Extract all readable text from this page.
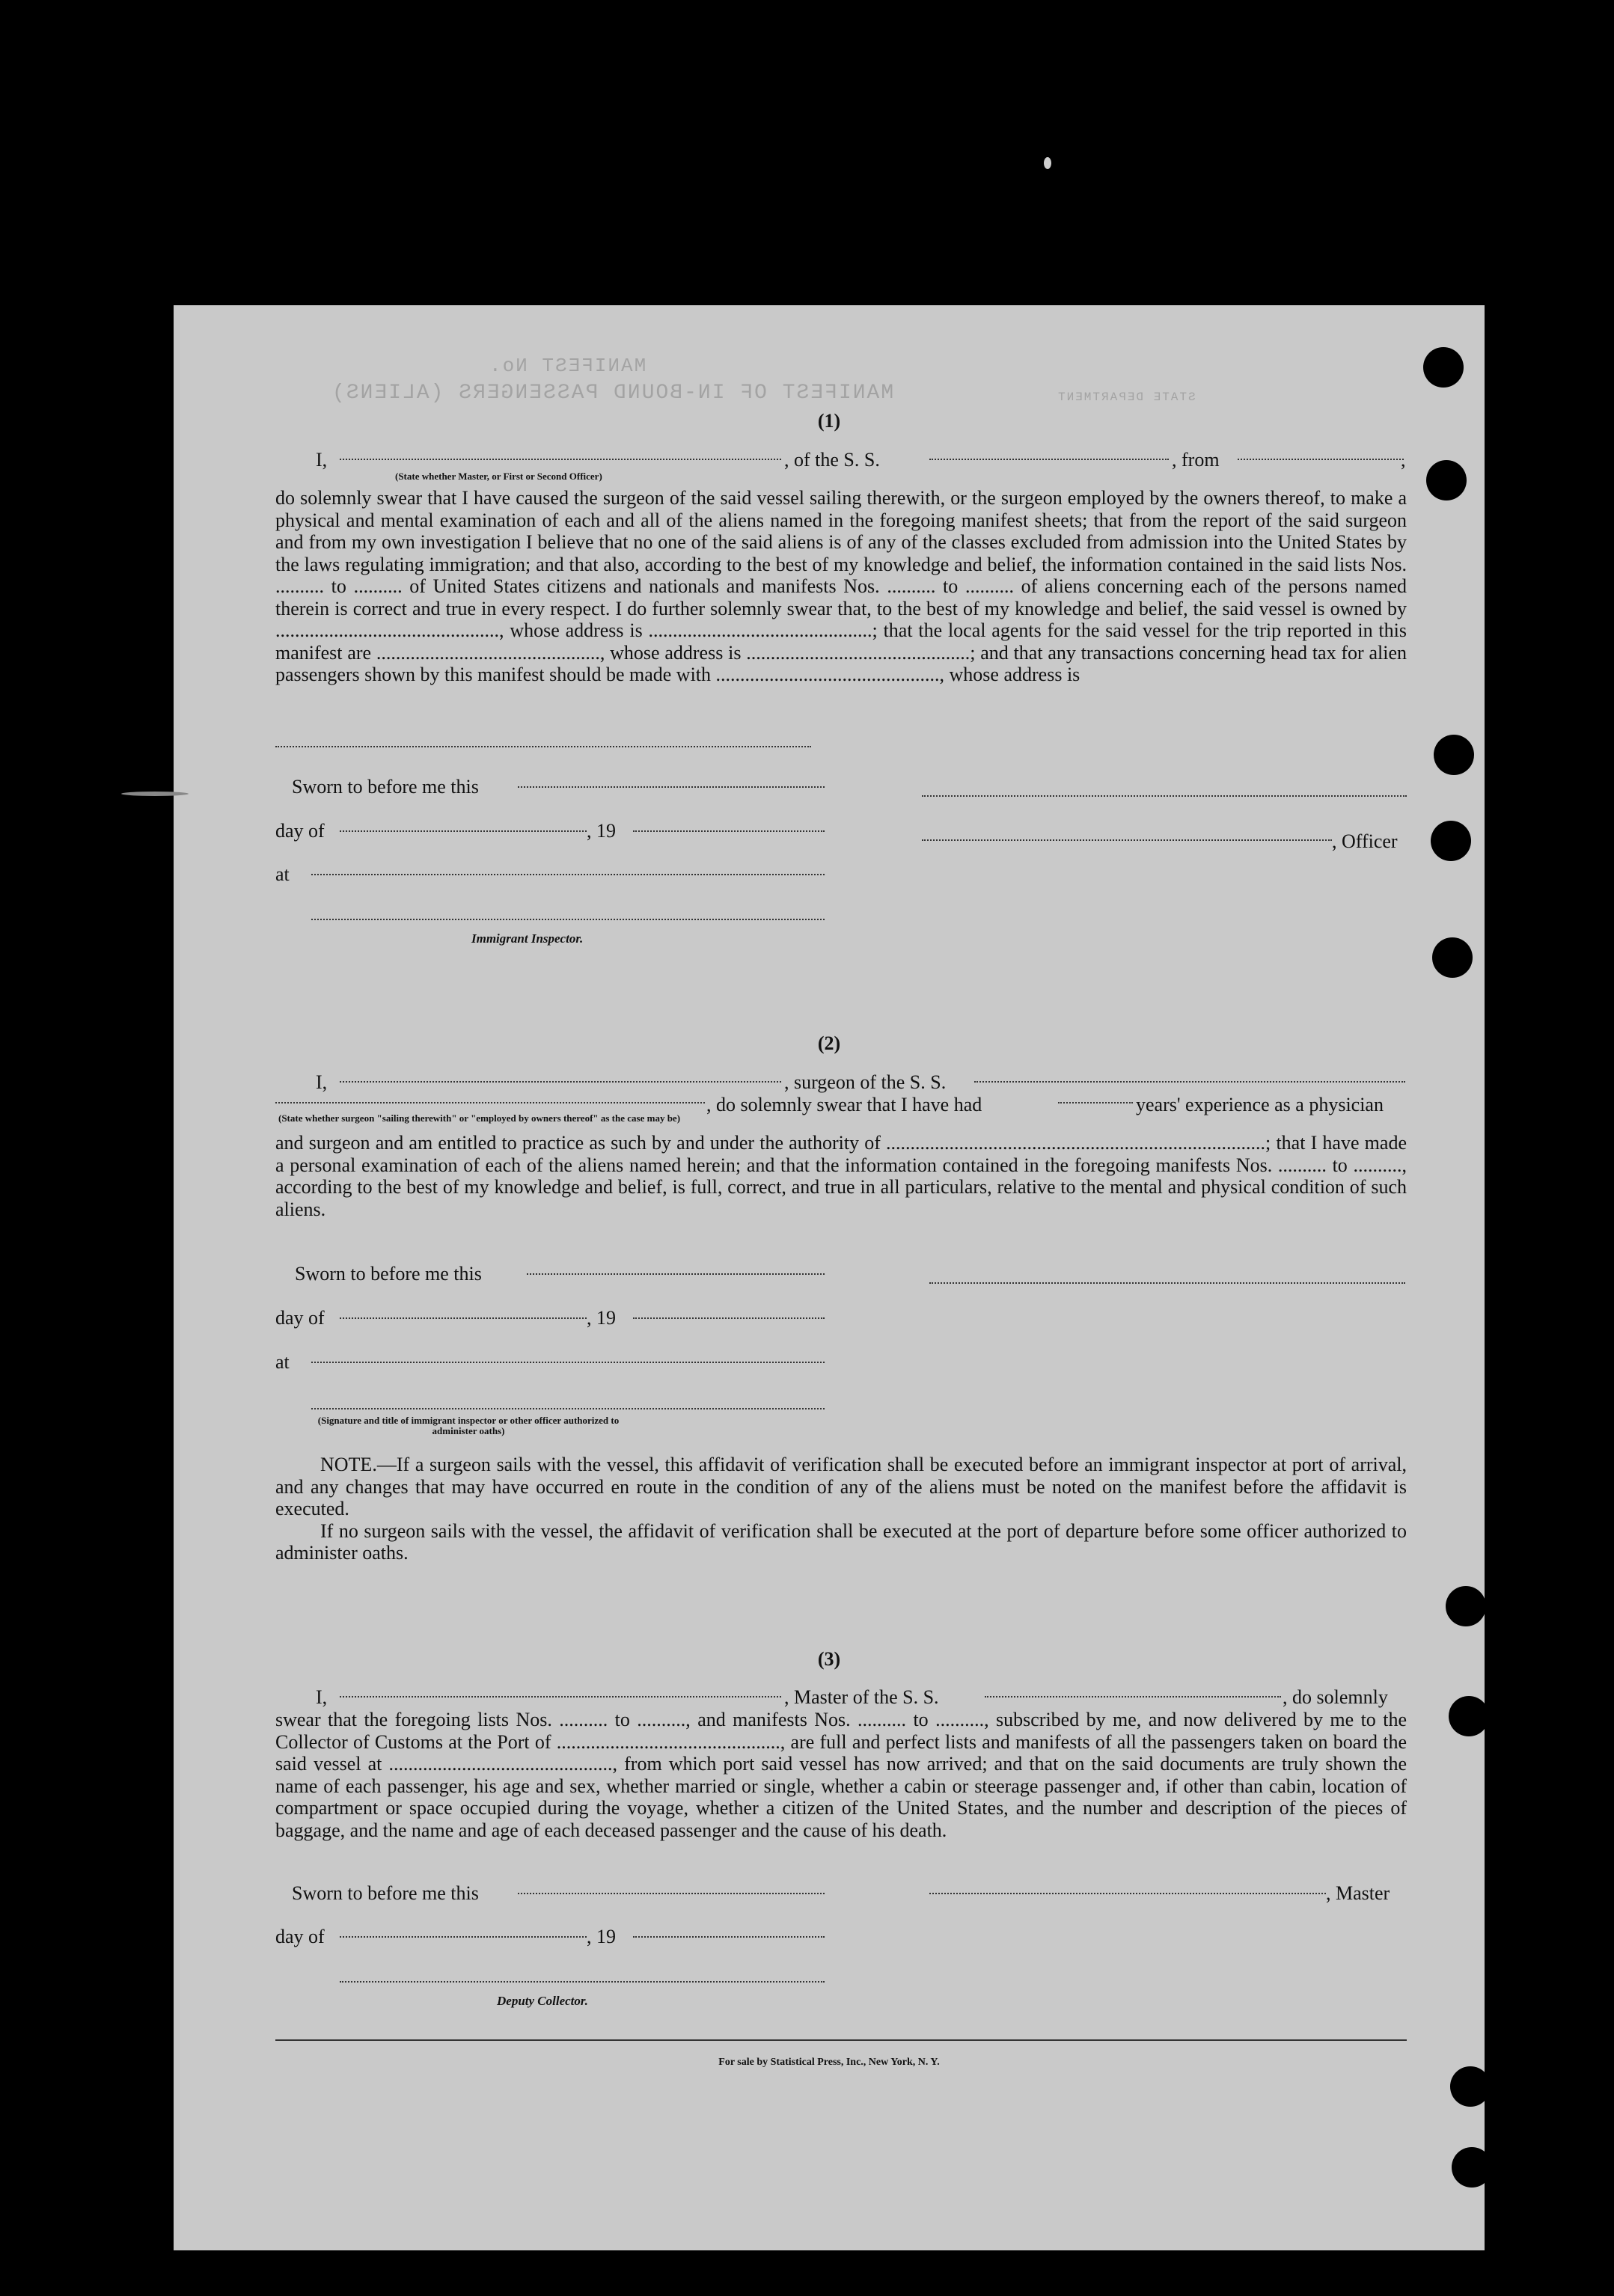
MANIFEST No.
MANIFEST OF IN-BOUND PASSENGERS (ALIENS)	STATE DEPARTMENT
(1)
I,	, of the S. S.	, from	,
(State whether Master, or First or Second Officer)
do solemnly swear that I have caused the surgeon of the said vessel sailing therewith, or the surgeon employed by the owners thereof, to make a physical and mental examination of each and all of the aliens named in the foregoing manifest sheets; that from the report of the said surgeon and from my own investigation I believe that no one of the said aliens is of any of the classes excluded from admission into the United States by the laws regulating immigration; and that also, according to the best of my knowledge and belief, the information contained in the said lists Nos. .......... to .......... of United States citizens and nationals and manifests Nos. .......... to .......... of aliens concerning each of the persons named therein is correct and true in every respect. I do further solemnly swear that, to the best of my knowledge and belief, the said vessel is owned by .............................................., whose address is ..............................................; that the local agents for the said vessel for the trip reported in this manifest are .............................................., whose address is ..............................................; and that any transactions concerning head tax for alien passengers shown by this manifest should be made with .............................................., whose address is
Sworn to before me this
day of	, 19	, Officer
at
Immigrant Inspector.
(2)
I,	, surgeon of the S. S.
, do solemnly swear that I have had	years' experience as a physician
(State whether surgeon "sailing therewith" or "employed by owners thereof" as the case may be)
and surgeon and am entitled to practice as such by and under the authority of ..............................................................................; that I have made a personal examination of each of the aliens named herein; and that the information contained in the foregoing manifests Nos. .......... to .........., according to the best of my knowledge and belief, is full, correct, and true in all particulars, relative to the mental and physical condition of such aliens.
Sworn to before me this
day of	, 19
at
(Signature and title of immigrant inspector or other officer authorized to administer oaths)

NOTE.—If a surgeon sails with the vessel, this affidavit of verification shall be executed before an immigrant inspector at port of arrival, and any changes that may have occurred en route in the condition of any of the aliens must be noted on the manifest before the affidavit is executed.

If no surgeon sails with the vessel, the affidavit of verification shall be executed at the port of departure before some officer authorized to administer oaths.

(3)
I,	, Master of the S. S.	, do solemnly
swear that the foregoing lists Nos. .......... to .........., and manifests Nos. .......... to .........., subscribed by me, and now delivered by me to the Collector of Customs at the Port of .............................................., are full and perfect lists and manifests of all the passengers taken on board the said vessel at .............................................., from which port said vessel has now arrived; and that on the said documents are truly shown the name of each passenger, his age and sex, whether married or single, whether a cabin or steerage passenger and, if other than cabin, location of compartment or space occupied during the voyage, whether a citizen of the United States, and the number and description of the pieces of baggage, and the name and age of each deceased passenger and the cause of his death.
Sworn to before me this	, Master
day of	, 19
Deputy Collector.
For sale by Statistical Press, Inc., New York, N. Y.
